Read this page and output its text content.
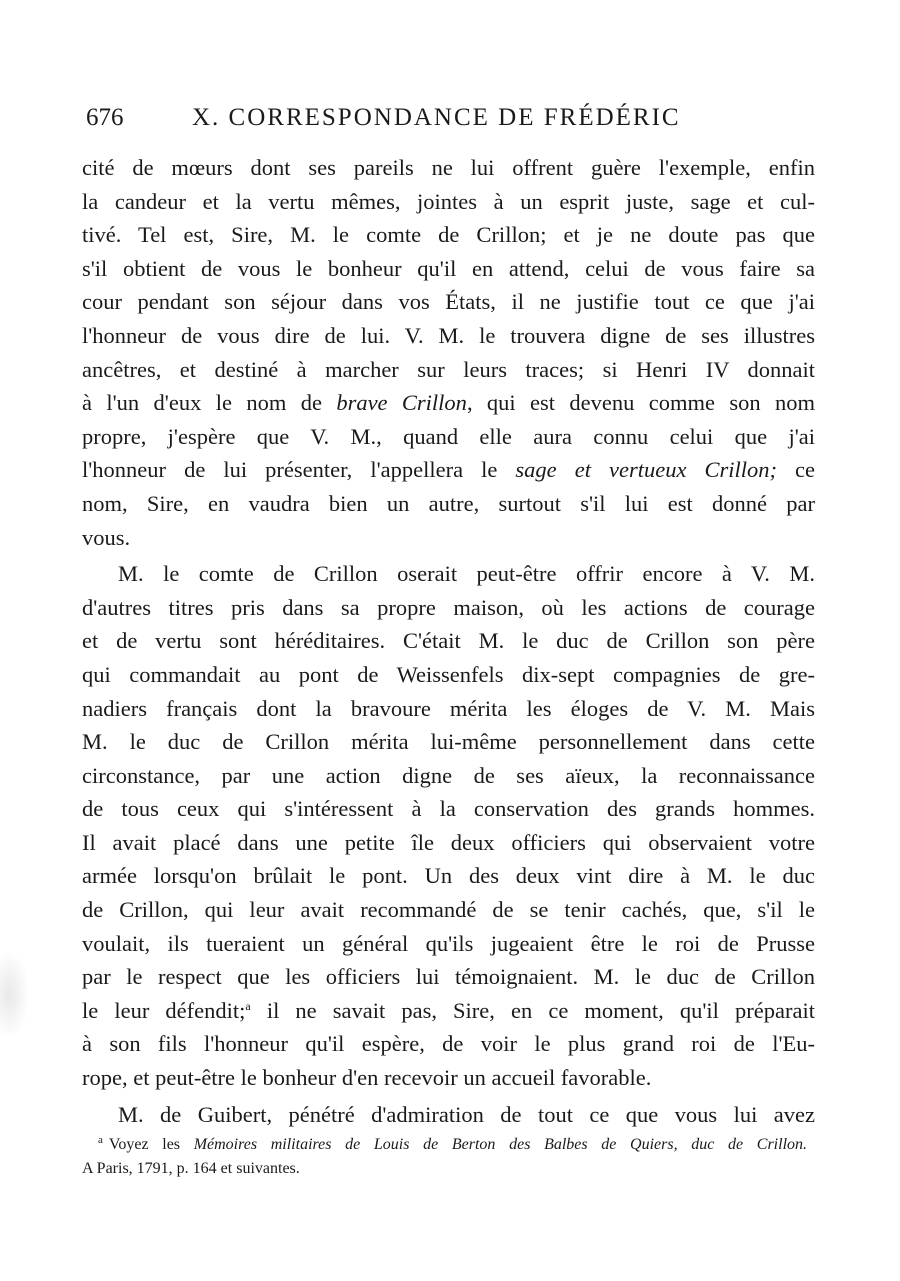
676	X. CORRESPONDANCE DE FRÉDÉRIC
cité de mœurs dont ses pareils ne lui offrent guère l'exemple, enfin
la candeur et la vertu mêmes, jointes à un esprit juste, sage et cul-
tivé. Tel est, Sire, M. le comte de Crillon; et je ne doute pas que
s'il obtient de vous le bonheur qu'il en attend, celui de vous faire sa
cour pendant son séjour dans vos États, il ne justifie tout ce que j'ai
l'honneur de vous dire de lui. V. M. le trouvera digne de ses illustres
ancêtres, et destiné à marcher sur leurs traces; si Henri IV donnait
à l'un d'eux le nom de brave Crillon, qui est devenu comme son nom
propre, j'espère que V. M., quand elle aura connu celui que j'ai
l'honneur de lui présenter, l'appellera le sage et vertueux Crillon; ce
nom, Sire, en vaudra bien un autre, surtout s'il lui est donné par
vous.
M. le comte de Crillon oserait peut-être offrir encore à V. M.
d'autres titres pris dans sa propre maison, où les actions de courage
et de vertu sont héréditaires. C'était M. le duc de Crillon son père
qui commandait au pont de Weissenfels dix-sept compagnies de gre-
nadiers français dont la bravoure mérita les éloges de V. M. Mais
M. le duc de Crillon mérita lui-même personnellement dans cette
circonstance, par une action digne de ses aïeux, la reconnaissance
de tous ceux qui s'intéressent à la conservation des grands hommes.
Il avait placé dans une petite île deux officiers qui observaient votre
armée lorsqu'on brûlait le pont. Un des deux vint dire à M. le duc
de Crillon, qui leur avait recommandé de se tenir cachés, que, s'il le
voulait, ils tueraient un général qu'ils jugeaient être le roi de Prusse
par le respect que les officiers lui témoignaient. M. le duc de Crillon
le leur défendit;$^a$ il ne savait pas, Sire, en ce moment, qu'il préparait
à son fils l'honneur qu'il espère, de voir le plus grand roi de l'Eu-
rope, et peut-être le bonheur d'en recevoir un accueil favorable.
M. de Guibert, pénétré d'admiration de tout ce que vous lui avez
$^a$ Voyez les Mémoires militaires de Louis de Berton des Balbes de Quiers, duc de Crillon.
A Paris, 1791, p. 164 et suivantes.
